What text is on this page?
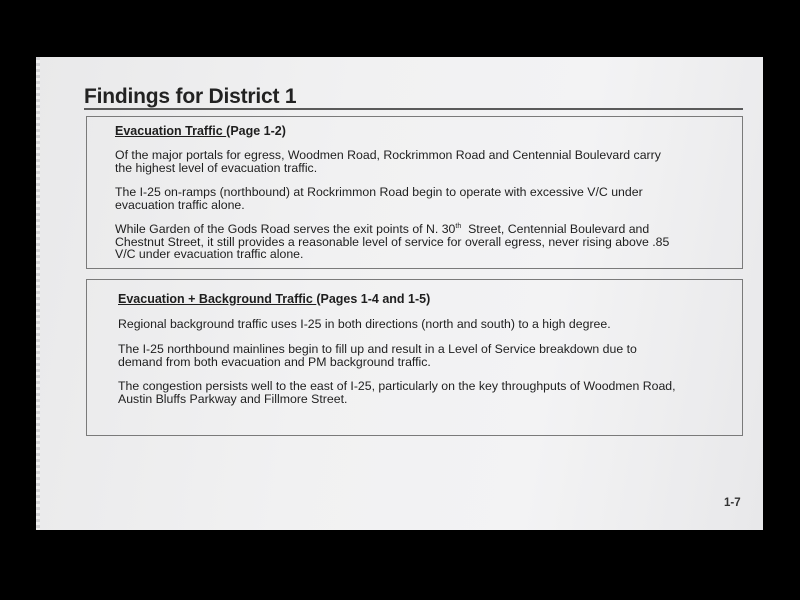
Findings for District 1
Evacuation Traffic (Page 1-2)
Of the major portals for egress, Woodmen Road, Rockrimmon Road and Centennial Boulevard carry
the highest level of evacuation traffic.
The I-25 on-ramps (northbound) at Rockrimmon Road begin to operate with excessive V/C under
evacuation traffic alone.
While Garden of the Gods Road serves the exit points of N. 30th  Street, Centennial Boulevard and
Chestnut Street, it still provides a reasonable level of service for overall egress, never rising above .85
V/C under evacuation traffic alone.
Evacuation + Background Traffic (Pages 1-4 and 1-5)
Regional background traffic uses I-25 in both directions (north and south) to a high degree.
The I-25 northbound mainlines begin to fill up and result in a Level of Service breakdown due to
demand from both evacuation and PM background traffic.
The congestion persists well to the east of I-25, particularly on the key throughputs of Woodmen Road,
Austin Bluffs Parkway and Fillmore Street.
1-7
